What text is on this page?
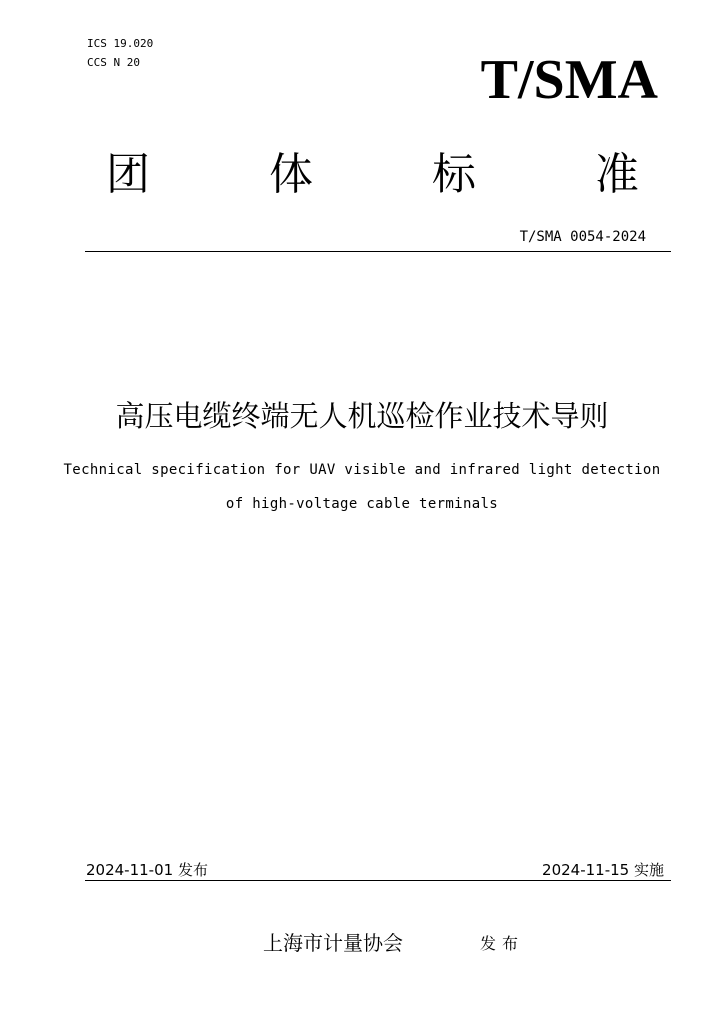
ICS 19.020
CCS N 20	T/SMA
团	体	标	准
T/SMA 0054-2024
高压电缆终端无人机巡检作业技术导则
Technical specification for UAV visible and infrared light detection
of high-voltage cable terminals
2024-11-01 发布	2024-11-15 实施
上海市计量协会	发布
